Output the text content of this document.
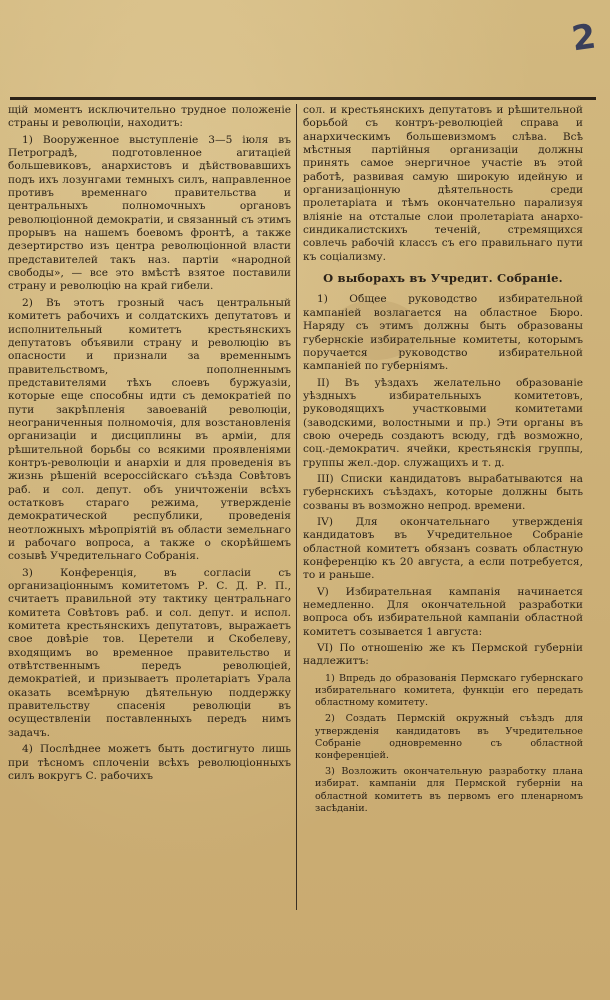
2

щій моментъ исключительно трудное положеніе страны и революціи, находитъ:

1) Вооруженное выступленіе 3—5 іюля въ Петроградѣ, подготовленное агитаціей большевиковъ, анархистовъ и дѣйствовавшихъ подъ ихъ лозунгами темныхъ силъ, направленное противъ временнаго правительства и центральныхъ полномочныхъ органовъ революціонной демократіи, и связанный съ этимъ прорывъ на нашемъ боевомъ фронтѣ, а также дезертирство изъ центра революціонной власти представителей такъ наз. партіи «народной свободы», — все это вмѣстѣ взятое поставили страну и революцію на край гибели.

2) Въ этотъ грозный часъ центральный комитетъ рабочихъ и солдатскихъ депутатовъ и исполнительный комитетъ крестьянскихъ депутатовъ объявили страну и революцію въ опасности и признали за временнымъ правительствомъ, пополненнымъ представителями тѣхъ слоевъ буржуазіи, которые еще способны идти съ демократіей по пути закрѣпленія завоеваній революціи, неограниченныя полномочія, для возстановленія организаціи и дисциплины въ арміи, для рѣшительной борьбы со всякими проявленіями контръ-революціи и анархіи и для проведенія въ жизнь рѣшеній всероссійскаго съѣзда Совѣтовъ раб. и сол. депут. объ уничтоженіи всѣхъ остатковъ стараго режима, утвержденіе демократической республики, проведенія неотложныхъ мѣропріятій въ области земельнаго и рабочаго вопроса, а также о скорѣйшемъ созывѣ Учредительнаго Собранія.

3) Конференція, въ согласіи съ организаціоннымъ комитетомъ Р. С. Д. Р. П., считаетъ правильной эту тактику центральнаго комитета Совѣтовъ раб. и сол. депут. и испол. комитета крестьянскихъ депутатовъ, выражаетъ свое довѣріе тов. Церетели и Скобелеву, входящимъ во временное правительство и отвѣтственнымъ передъ революціей, демократіей, и призываетъ пролетаріатъ Урала оказать всемѣрную дѣятельную поддержку правительству спасенія революціи въ осуществленіи поставленныхъ передъ нимъ задачъ.

4) Послѣднее можетъ быть достигнуто лишь при тѣсномъ сплоченіи всѣхъ революціонныхъ силъ вокругъ С. рабочихъ

сол. и крестьянскихъ депутатовъ и рѣшительной борьбой съ контръ-революціей справа и анархическимъ большевизмомъ слѣва. Всѣ мѣстныя партійныя организаціи должны принять самое энергичное участіе въ этой работѣ, развивая самую широкую идейную и организаціонную дѣятельность среди пролетаріата и тѣмъ окончательно парализуя вліяніе на отсталые слои пролетаріата анархо-синдикалистскихъ теченій, стремящихся совлечь рабочій классъ съ его правильнаго пути къ соціализму.

О выборахъ въ Учредит. Собраніе.

1) Общее руководство избирательной кампаніей возлагается на областное Бюро. Наряду съ этимъ должны быть образованы губернскіе избирательные комитеты, которымъ поручается руководство избирательной кампаніей по губерніямъ.

II) Въ уѣздахъ желательно образованіе уѣздныхъ избирательныхъ комитетовъ, руководящихъ участковыми комитетами (заводскими, волостными и пр.) Эти органы въ свою очередь создаютъ всюду, гдѣ возможно, соц.-демократич. ячейки, крестьянскія группы, группы жел.-дор. служащихъ и т. д.

III) Списки кандидатовъ вырабатываются на губернскихъ съѣздахъ, которые должны быть созваны въ возможно непрод. времени.

IV) Для окончательнаго утвержденія кандидатовъ въ Учредительное Собраніе областной комитетъ обязанъ созвать областную конференцію къ 20 августа, а если потребуется, то и раньше.

V) Избирательная кампанія начинается немедленно. Для окончательной разработки вопроса объ избирательной кампаніи областной комитетъ созывается 1 августа:

VI) По отношенію же къ Пермской губерніи надлежитъ:

1) Впредь до образованія Пермскаго губернскаго избирательнаго комитета, функціи его передать областному комитету.

2) Создать Пермскій окружный съѣздъ для утвержденія кандидатовъ въ Учредительное Собраніе одновременно съ областной конференціей.

3) Возложить окончательную разработку плана избират. кампаніи для Пермской губерніи на областной комитетъ въ первомъ его пленарномъ засѣданіи.
